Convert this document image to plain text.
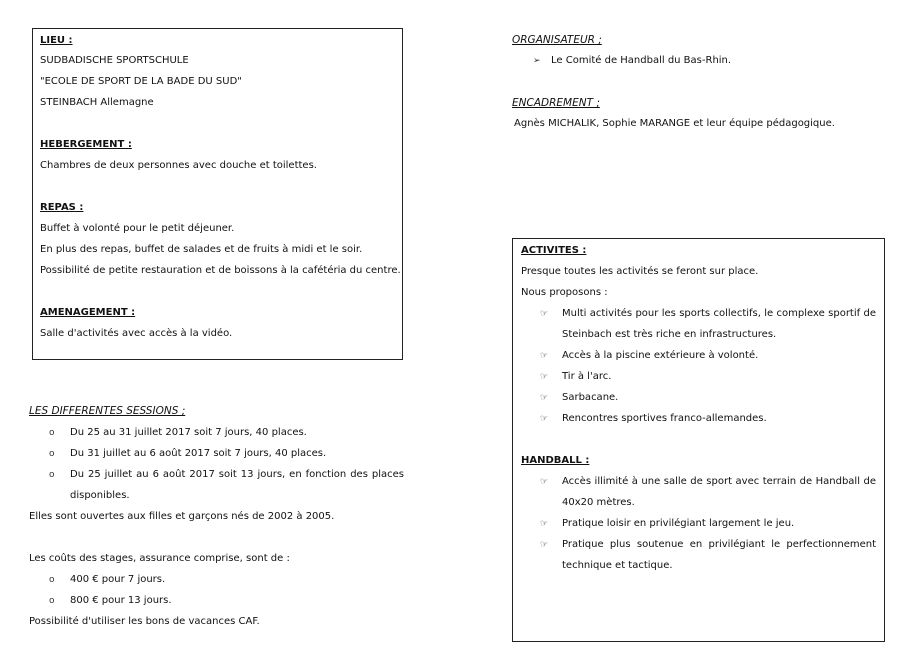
LIEU :
SUDBADISCHE SPORTSCHULE
"ECOLE DE SPORT DE LA BADE DU SUD"
STEINBACH Allemagne
HEBERGEMENT :
Chambres de deux personnes avec douche et toilettes.
REPAS :
Buffet à volonté pour le petit déjeuner.
En plus des repas, buffet de salades et de fruits à midi et le soir.
Possibilité de petite restauration et de boissons à la cafétéria du centre.
AMENAGEMENT :
Salle d'activités avec accès à la vidéo.
ORGANISATEUR ;
➢ Le Comité de Handball du Bas-Rhin.
ENCADREMENT ;
Agnès MICHALIK, Sophie MARANGE et leur équipe pédagogique.
ACTIVITES :
Presque toutes les activités se feront sur place.
Nous proposons :
☞ Multi activités pour les sports collectifs, le complexe sportif de
Steinbach est très riche en infrastructures.
☞ Accès à la piscine extérieure à volonté.
☞ Tir à l'arc.
☞ Sarbacane.
☞ Rencontres sportives franco-allemandes.
HANDBALL :
☞ Accès illimité à une salle de sport avec terrain de Handball de
40x20 mètres.
☞ Pratique loisir en privilégiant largement le jeu.
☞ Pratique plus soutenue en privilégiant le perfectionnement
technique et tactique.
LES DIFFERENTES SESSIONS ;
o Du 25 au 31 juillet 2017 soit 7 jours, 40 places.
o Du 31 juillet au 6 août 2017 soit 7 jours, 40 places.
o Du 25 juillet au 6 août 2017 soit 13 jours, en fonction des places
disponibles.
Elles sont ouvertes aux filles et garçons nés de 2002 à 2005.
Les coûts des stages, assurance comprise, sont de :
o 400 € pour 7 jours.
o 800 € pour 13 jours.
Possibilité d'utiliser les bons de vacances CAF.
